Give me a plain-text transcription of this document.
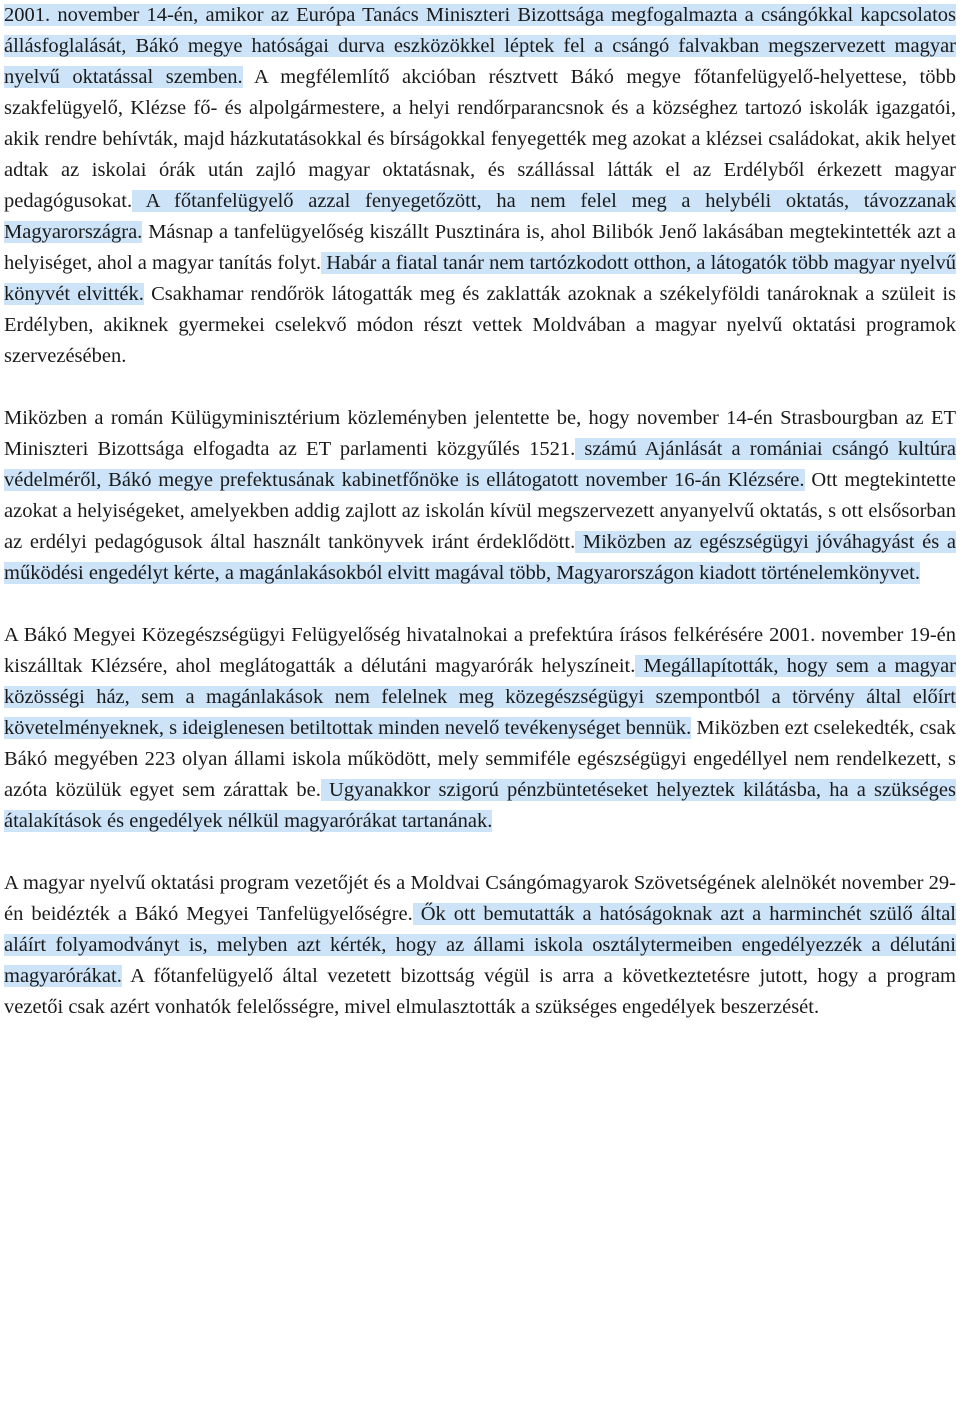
2001. november 14-én, amikor az Európa Tanács Miniszteri Bizottsága megfogalmazta a csángókkal kapcsolatos állásfoglalását, Bákó megye hatóságai durva eszközökkel léptek fel a csángó falvakban megszervezett magyar nyelvű oktatással szemben. A megfélemlítő akcióban résztvett Bákó megye főtanfelügyelő-helyettese, több szakfelügyelő, Klézse fő- és alpolgármestere, a helyi rendőrparancsnok és a községhez tartozó iskolák igazgatói, akik rendre behívták, majd házkutatásokkal és bírságokkal fenyegették meg azokat a klézsei családokat, akik helyet adtak az iskolai órák után zajló magyar oktatásnak, és szállással látták el az Erdélyből érkezett magyar pedagógusokat. A főtanfelügyelő azzal fenyegetőzött, ha nem felel meg a helybéli oktatás, távozzanak Magyarországra. Másnap a tanfelügyelőség kiszállt Pusztinára is, ahol Bilibók Jenő lakásában megtekintették azt a helyiséget, ahol a magyar tanítás folyt. Habár a fiatal tanár nem tartózkodott otthon, a látogatók több magyar nyelvű könyvét elvitték. Csakhamar rendőrök látogatták meg és zaklatták azoknak a székelyföldi tanároknak a szüleit is Erdélyben, akiknek gyermekei cselekvő módon részt vettek Moldvában a magyar nyelvű oktatási programok szervezésében.

Miközben a román Külügyminisztérium közleményben jelentette be, hogy november 14-én Strasbourgban az ET Miniszteri Bizottsága elfogadta az ET parlamenti közgyűlés 1521. számú Ajánlását a romániai csángó kultúra védelméről, Bákó megye prefektusának kabinetfőnöke is ellátogatott november 16-án Klézsére. Ott megtekintette azokat a helyiségeket, amelyekben addig zajlott az iskolán kívül megszervezett anyanyelvű oktatás, s ott elsősorban az erdélyi pedagógusok által használt tankönyvek iránt érdeklődött. Miközben az egészségügyi jóváhagyást és a működési engedélyt kérte, a magánlakásokból elvitt magával több, Magyarországon kiadott történelemkönyvet.

A Bákó Megyei Közegészségügyi Felügyelőség hivatalnokai a prefektúra írásos felkérésére 2001. november 19-én kiszálltak Klézsére, ahol meglátogatták a délutáni magyarórák helyszíneit. Megállapították, hogy sem a magyar közösségi ház, sem a magánlakások nem felelnek meg közegészségügyi szempontból a törvény által előírt követelményeknek, s ideiglenesen betiltottak minden nevelő tevékenységet bennük. Miközben ezt cselekedték, csak Bákó megyében 223 olyan állami iskola működött, mely semmiféle egészségügyi engedéllyel nem rendelkezett, s azóta közülük egyet sem zárattak be. Ugyanakkor szigorú pénzbüntetéseket helyeztek kilátásba, ha a szükséges átalakítások és engedélyek nélkül magyarórákat tartanának.

A magyar nyelvű oktatási program vezetőjét és a Moldvai Csángómagyarok Szövetségének alelnökét november 29-én beidézték a Bákó Megyei Tanfelügyelőségre. Ők ott bemutatták a hatóságoknak azt a harminchét szülő által aláírt folyamodványt is, melyben azt kérték, hogy az állami iskola osztálytermeiben engedélyezzék a délutáni magyarórákat. A főtanfelügyelő által vezetett bizottság végül is arra a következtetésre jutott, hogy a program vezetői csak azért vonhatók felelősségre, mivel elmulasztották a szükséges engedélyek beszerzését.
